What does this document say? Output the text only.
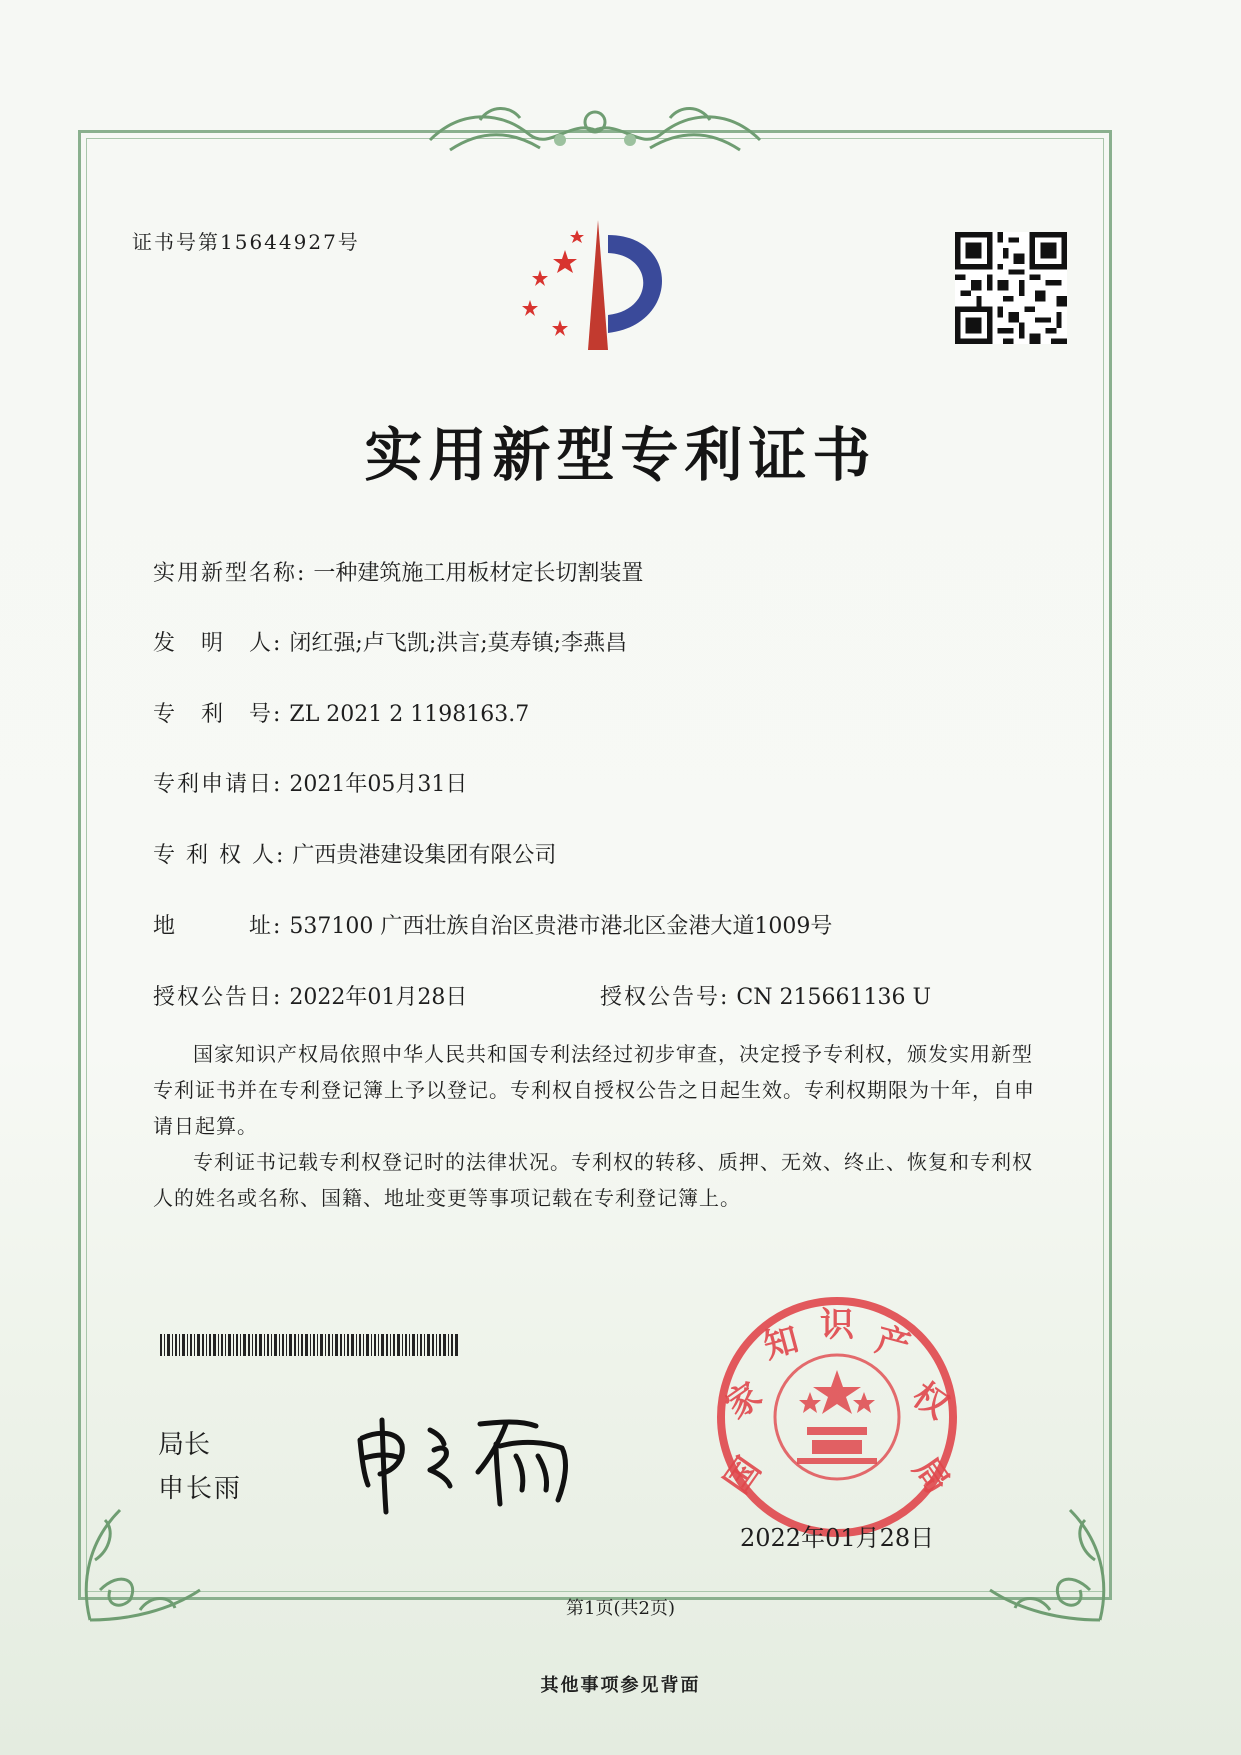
证书号第15644927号
实用新型专利证书
实用新型名称: 一种建筑施工用板材定长切割装置
发　明　人: 闭红强;卢飞凯;洪言;莫寿镇;李燕昌
专　利　号: ZL 2021 2 1198163.7
专利申请日: 2021年05月31日
专 利 权 人: 广西贵港建设集团有限公司
地　　　址: 537100 广西壮族自治区贵港市港北区金港大道1009号
授权公告日: 2022年01月28日	授权公告号: CN 215661136 U
国家知识产权局依照中华人民共和国专利法经过初步审查，决定授予专利权，颁发实用新型专利证书并在专利登记簿上予以登记。专利权自授权公告之日起生效。专利权期限为十年，自申请日起算。
专利证书记载专利权登记时的法律状况。专利权的转移、质押、无效、终止、恢复和专利权人的姓名或名称、国籍、地址变更等事项记载在专利登记簿上。
局长
申长雨	国
家
知 识 产
权
局
2022年01月28日
第1页(共2页)
其他事项参见背面
